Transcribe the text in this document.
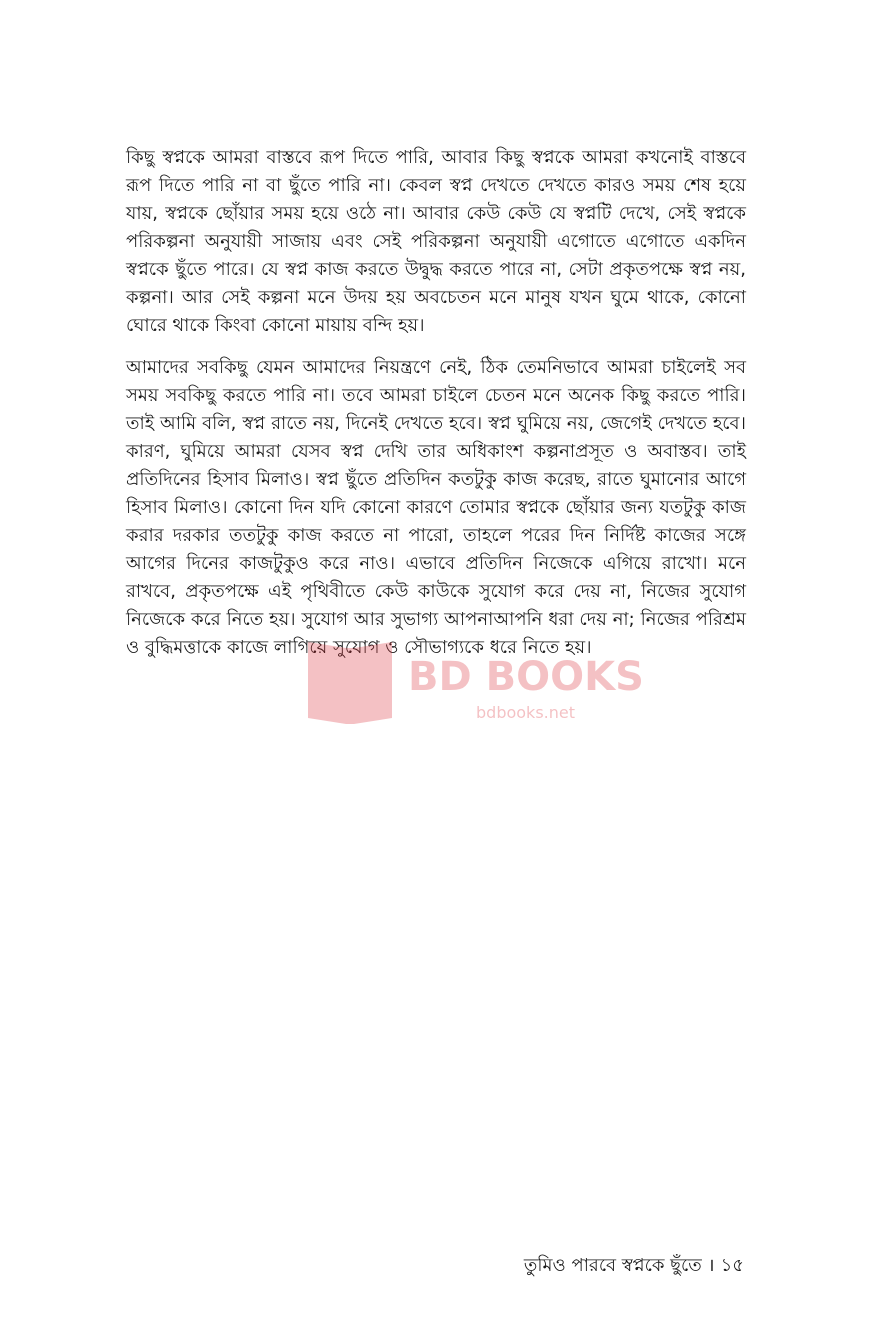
কিছু স্বপ্নকে আমরা বাস্তবে রূপ দিতে পারি, আবার কিছু স্বপ্নকে আমরা কখনোই বাস্তবে রূপ দিতে পারি না বা ছুঁতে পারি না। কেবল স্বপ্ন দেখতে দেখতে কারও সময় শেষ হয়ে যায়, স্বপ্নকে ছোঁয়ার সময় হয়ে ওঠে না। আবার কেউ কেউ যে স্বপ্নটি দেখে, সেই স্বপ্নকে পরিকল্পনা অনুযায়ী সাজায় এবং সেই পরিকল্পনা অনুযায়ী এগোতে এগোতে একদিন স্বপ্নকে ছুঁতে পারে। যে স্বপ্ন কাজ করতে উদ্বুদ্ধ করতে পারে না, সেটা প্রকৃতপক্ষে স্বপ্ন নয়, কল্পনা। আর সেই কল্পনা মনে উদয় হয় অবচেতন মনে মানুষ যখন ঘুমে থাকে, কোনো ঘোরে থাকে কিংবা কোনো মায়ায় বন্দি হয়।

আমাদের সবকিছু যেমন আমাদের নিয়ন্ত্রণে নেই, ঠিক তেমনিভাবে আমরা চাইলেই সব সময় সবকিছু করতে পারি না। তবে আমরা চাইলে চেতন মনে অনেক কিছু করতে পারি। তাই আমি বলি, স্বপ্ন রাতে নয়, দিনেই দেখতে হবে। স্বপ্ন ঘুমিয়ে নয়, জেগেই দেখতে হবে। কারণ, ঘুমিয়ে আমরা যেসব স্বপ্ন দেখি তার অধিকাংশ কল্পনাপ্রসূত ও অবাস্তব। তাই প্রতিদিনের হিসাব মিলাও। স্বপ্ন ছুঁতে প্রতিদিন কতটুকু কাজ করেছ, রাতে ঘুমানোর আগে হিসাব মিলাও। কোনো দিন যদি কোনো কারণে তোমার স্বপ্নকে ছোঁয়ার জন্য যতটুকু কাজ করার দরকার ততটুকু কাজ করতে না পারো, তাহলে পরের দিন নির্দিষ্ট কাজের সঙ্গে আগের দিনের কাজটুকুও করে নাও। এভাবে প্রতিদিন নিজেকে এগিয়ে রাখো। মনে রাখবে, প্রকৃতপক্ষে এই পৃথিবীতে কেউ কাউকে সুযোগ করে দেয় না, নিজের সুযোগ নিজেকে করে নিতে হয়। সুযোগ আর সুভাগ্য আপনাআপনি ধরা দেয় না; নিজের পরিশ্রম ও বুদ্ধিমত্তাকে কাজে লাগিয়ে সুযোগ ও সৌভাগ্যকে ধরে নিতে হয়।

BD BOOKS
bdbooks.net
তুমিও পারবে স্বপ্নকে ছুঁতে । ১৫
